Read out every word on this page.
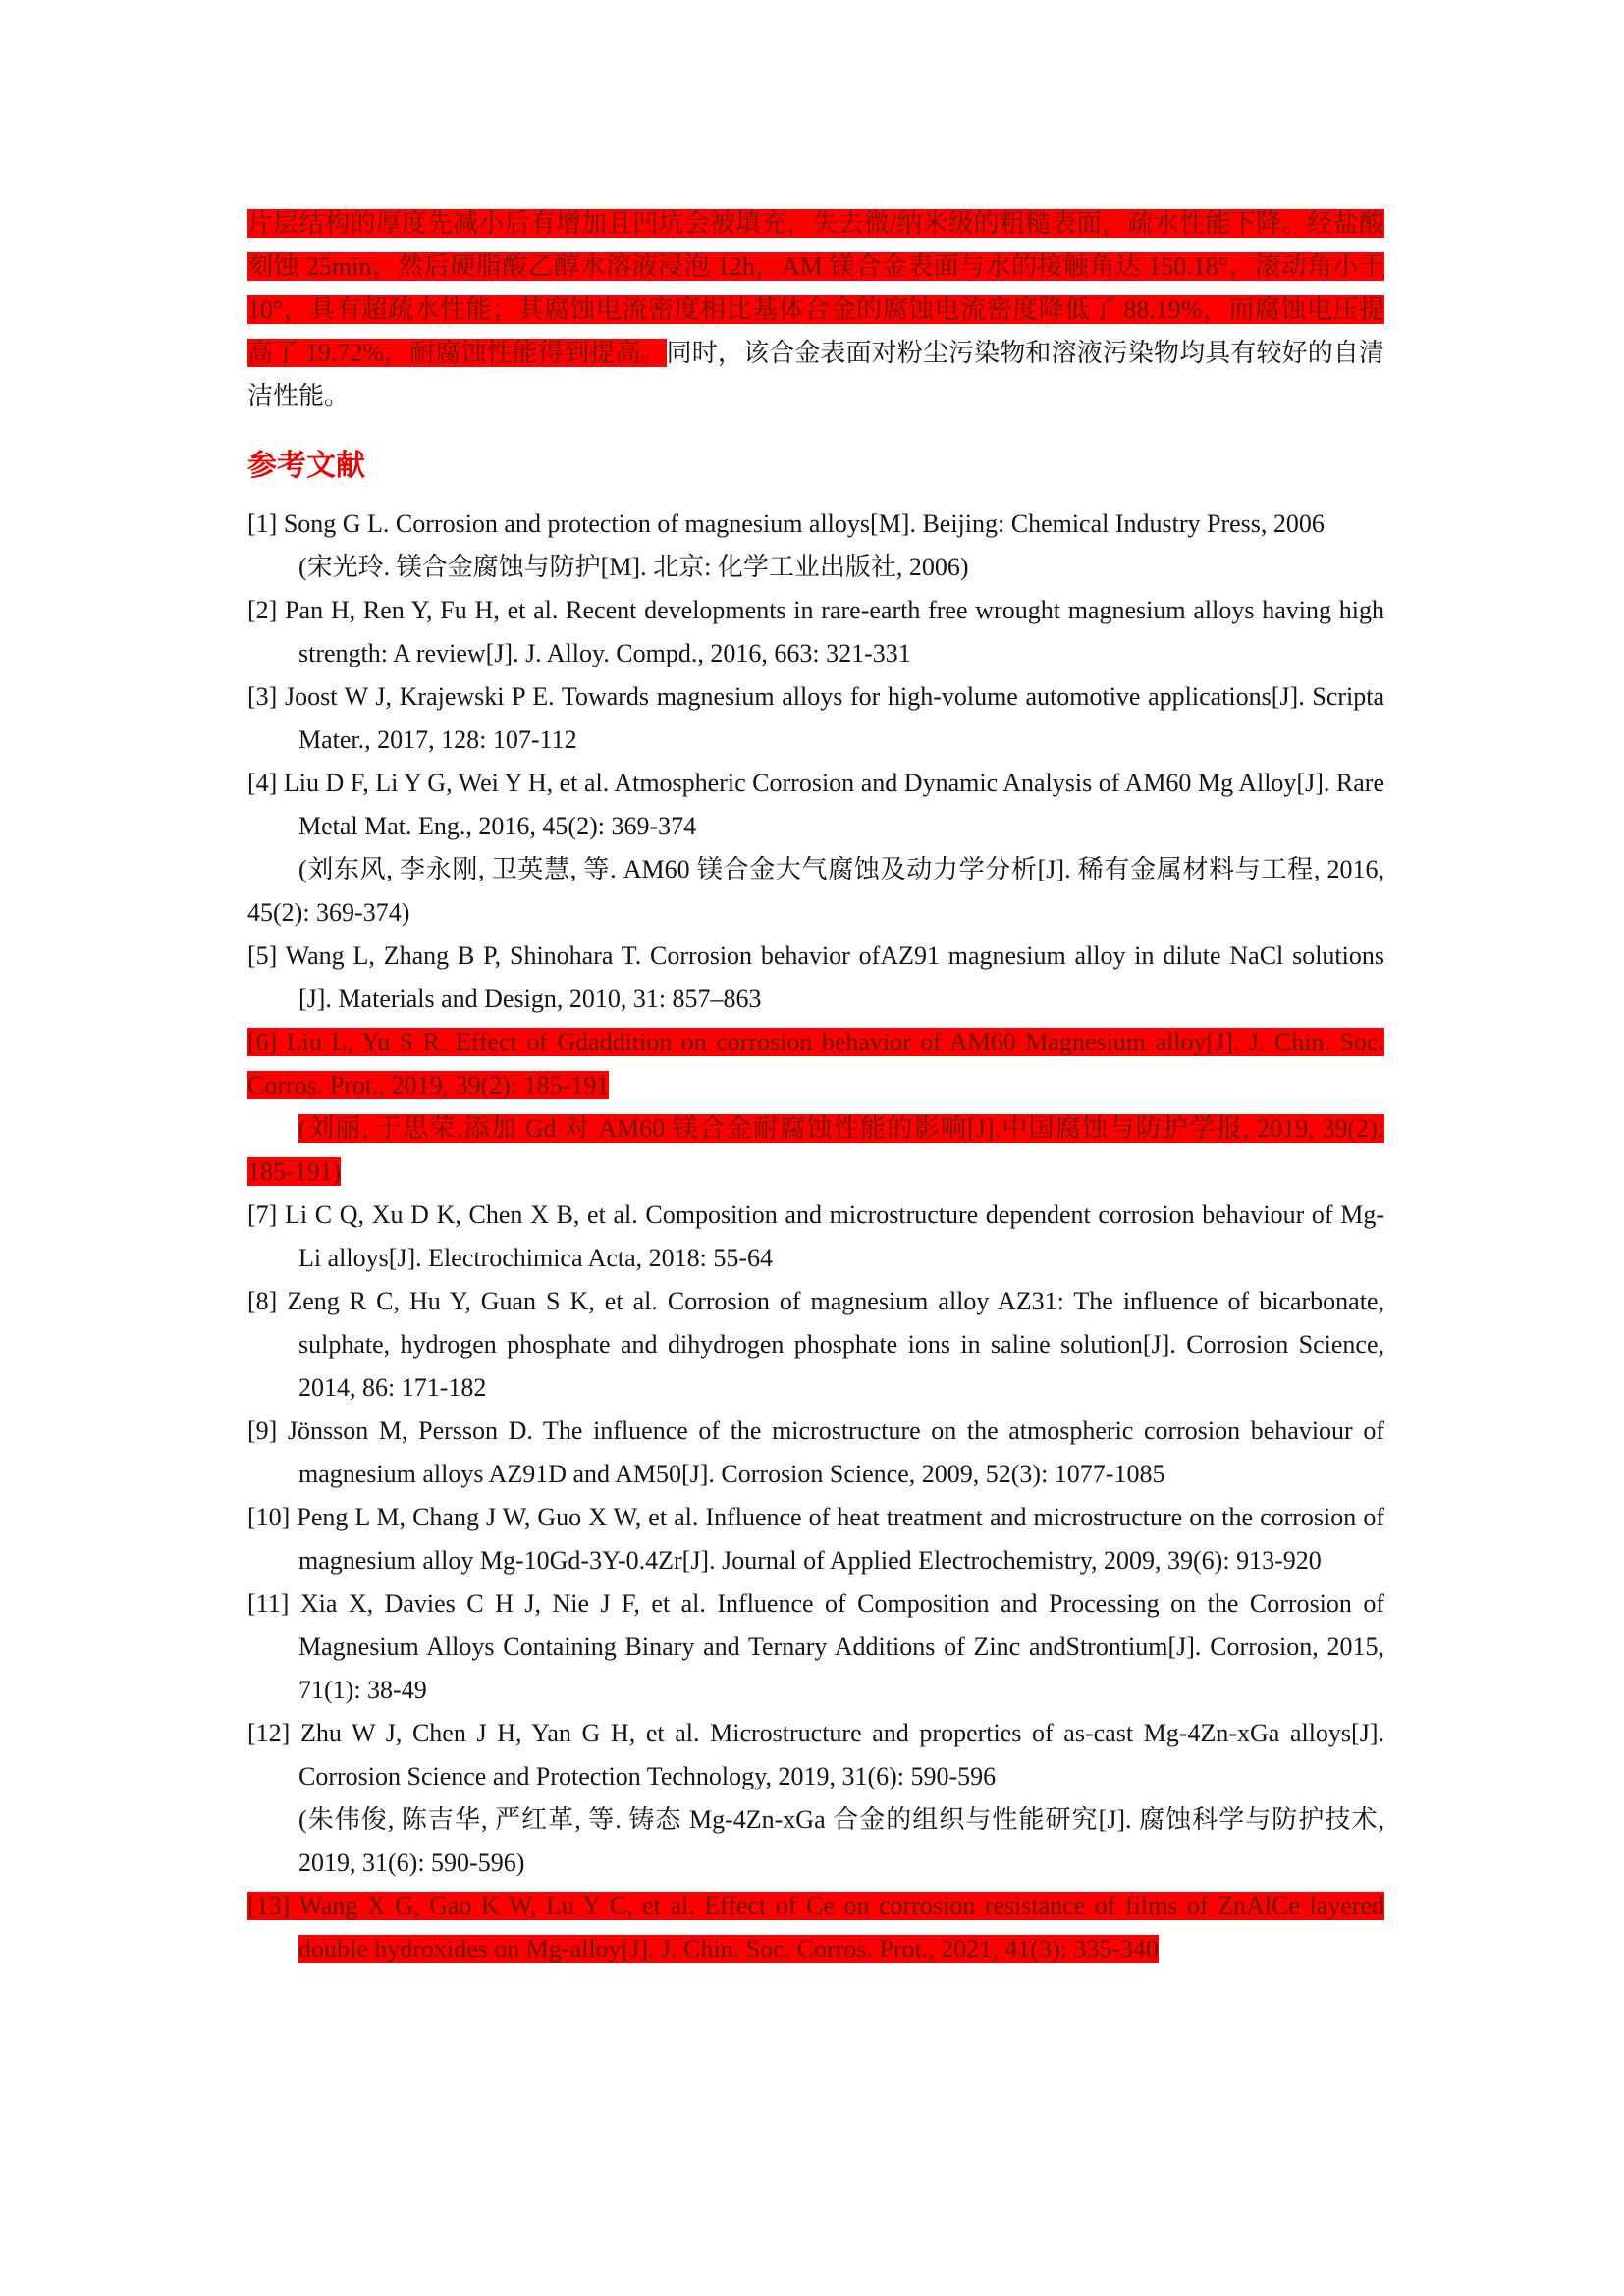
片层结构的厚度先减小后有增加且凹坑会被填充，失去微/纳米级的粗糙表面，疏水性能下降。经盐酸刻蚀 25min，然后硬脂酸乙醇水溶液浸泡 12h，AM 镁合金表面与水的接触角达 150.18°，滚动角小于 10°，具有超疏水性能；其腐蚀电流密度相比基体合金的腐蚀电流密度降低了 88.19%，而腐蚀电压提高了 19.72%，耐腐蚀性能得到提高。同时，该合金表面对粉尘污染物和溶液污染物均具有较好的自清洁性能。

参考文献
[1] Song G L. Corrosion and protection of magnesium alloys[M]. Beijing: Chemical Industry Press, 2006
(宋光玲. 镁合金腐蚀与防护[M]. 北京: 化学工业出版社, 2006)
[2] Pan H, Ren Y, Fu H, et al. Recent developments in rare-earth free wrought magnesium alloys having high strength: A review[J]. J. Alloy. Compd., 2016, 663: 321-331
[3] Joost W J, Krajewski P E. Towards magnesium alloys for high-volume automotive applications[J]. Scripta Mater., 2017, 128: 107-112
[4] Liu D F, Li Y G, Wei Y H, et al. Atmospheric Corrosion and Dynamic Analysis of AM60 Mg Alloy[J]. Rare Metal Mat. Eng., 2016, 45(2): 369-374
(刘东风, 李永刚, 卫英慧, 等. AM60 镁合金大气腐蚀及动力学分析[J]. 稀有金属材料与工程, 2016, 45(2): 369-374)
[5] Wang L, Zhang B P, Shinohara T. Corrosion behavior ofAZ91 magnesium alloy in dilute NaCl solutions [J]. Materials and Design, 2010, 31: 857–863
[6] Liu L, Yu S R. Effect of Gdaddition on corrosion behavior of AM60 Magnesium alloy[J]. J. Chin. Soc. Corros. Prot., 2019, 39(2): 185-191
(刘丽, 于思荣.添加 Gd 对 AM60 镁合金耐腐蚀性能的影响[J].中国腐蚀与防护学报, 2019, 39(2): 185-191)
[7] Li C Q, Xu D K, Chen X B, et al. Composition and microstructure dependent corrosion behaviour of Mg-Li alloys[J]. Electrochimica Acta, 2018: 55-64
[8] Zeng R C, Hu Y, Guan S K, et al. Corrosion of magnesium alloy AZ31: The influence of bicarbonate, sulphate, hydrogen phosphate and dihydrogen phosphate ions in saline solution[J]. Corrosion Science, 2014, 86: 171-182
[9] Jönsson M, Persson D. The influence of the microstructure on the atmospheric corrosion behaviour of magnesium alloys AZ91D and AM50[J]. Corrosion Science, 2009, 52(3): 1077-1085
[10] Peng L M, Chang J W, Guo X W, et al. Influence of heat treatment and microstructure on the corrosion of magnesium alloy Mg-10Gd-3Y-0.4Zr[J]. Journal of Applied Electrochemistry, 2009, 39(6): 913-920
[11] Xia X, Davies C H J, Nie J F, et al. Influence of Composition and Processing on the Corrosion of Magnesium Alloys Containing Binary and Ternary Additions of Zinc andStrontium[J]. Corrosion, 2015, 71(1): 38-49
[12] Zhu W J, Chen J H, Yan G H, et al. Microstructure and properties of as-cast Mg-4Zn-xGa alloys[J]. Corrosion Science and Protection Technology, 2019, 31(6): 590-596
(朱伟俊, 陈吉华, 严红革, 等. 铸态 Mg-4Zn-xGa 合金的组织与性能研究[J]. 腐蚀科学与防护技术, 2019, 31(6): 590-596)
[13] Wang X G, Gao K W, Lu Y C, et al. Effect of Ce on corrosion resistance of films of ZnAlCe layered double hydroxides on Mg-alloy[J]. J. Chin. Soc. Corros. Prot., 2021, 41(3): 335-340
